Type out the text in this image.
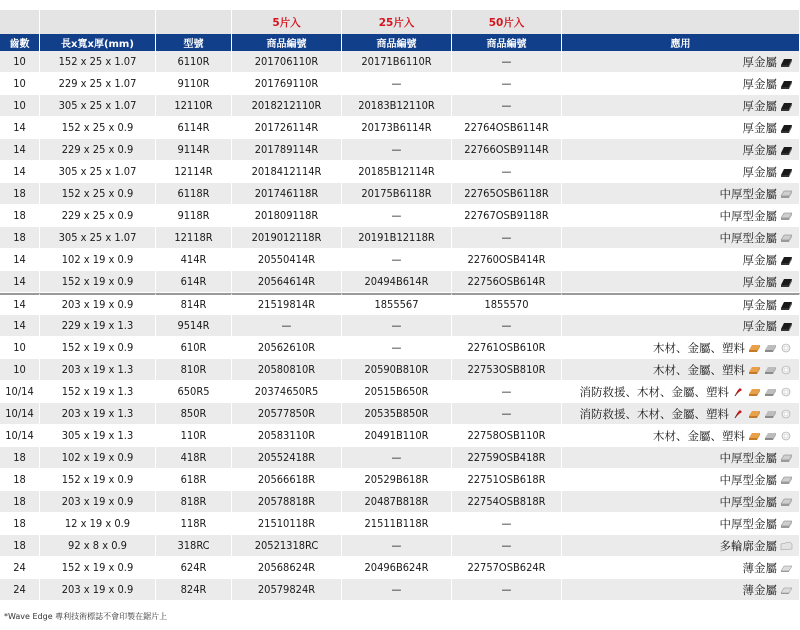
			5片入	25片入	50片入	
齒數	長x寬x厚(mm)	型號	商品編號	商品編號	商品編號	應用
10	152 x 25 x 1.07	6110R	201706110R	20171B6110R	—	厚金屬
10	229 x 25 x 1.07	9110R	201769110R	—	—	厚金屬
10	305 x 25 x 1.07	12110R	2018212110R	20183B12110R	—	厚金屬
14	152 x 25 x 0.9	6114R	201726114R	20173B6114R	22764OSB6114R	厚金屬
14	229 x 25 x 0.9	9114R	201789114R	—	22766OSB9114R	厚金屬
14	305 x 25 x 1.07	12114R	2018412114R	20185B12114R	—	厚金屬
18	152 x 25 x 0.9	6118R	201746118R	20175B6118R	22765OSB6118R	中厚型金屬
18	229 x 25 x 0.9	9118R	201809118R	—	22767OSB9118R	中厚型金屬
18	305 x 25 x 1.07	12118R	2019012118R	20191B12118R	—	中厚型金屬
14	102 x 19 x 0.9	414R	20550414R	—	22760OSB414R	厚金屬
14	152 x 19 x 0.9	614R	20564614R	20494B614R	22756OSB614R	厚金屬
14	203 x 19 x 0.9	814R	21519814R	1855567	1855570	厚金屬
14	229 x 19 x 1.3	9514R	—	—	—	厚金屬
10	152 x 19 x 0.9	610R	20562610R	—	22761OSB610R	木材、金屬、塑料
10	203 x 19 x 1.3	810R	20580810R	20590B810R	22753OSB810R	木材、金屬、塑料
10/14	152 x 19 x 1.3	650R5	20374650R5	20515B650R	—	消防救援、木材、金屬、塑料
10/14	203 x 19 x 1.3	850R	20577850R	20535B850R	—	消防救援、木材、金屬、塑料
10/14	305 x 19 x 1.3	110R	20583110R	20491B110R	22758OSB110R	木材、金屬、塑料
18	102 x 19 x 0.9	418R	20552418R	—	22759OSB418R	中厚型金屬
18	152 x 19 x 0.9	618R	20566618R	20529B618R	22751OSB618R	中厚型金屬
18	203 x 19 x 0.9	818R	20578818R	20487B818R	22754OSB818R	中厚型金屬
18	12 x 19 x 0.9	118R	21510118R	21511B118R	—	中厚型金屬
18	92 x 8 x 0.9	318RC	20521318RC	—	—	多輪廓金屬
24	152 x 19 x 0.9	624R	20568624R	20496B624R	22757OSB624R	薄金屬
24	203 x 19 x 0.9	824R	20579824R	—	—	薄金屬
*Wave Edge 專利技術標誌不會印製在鋸片上
